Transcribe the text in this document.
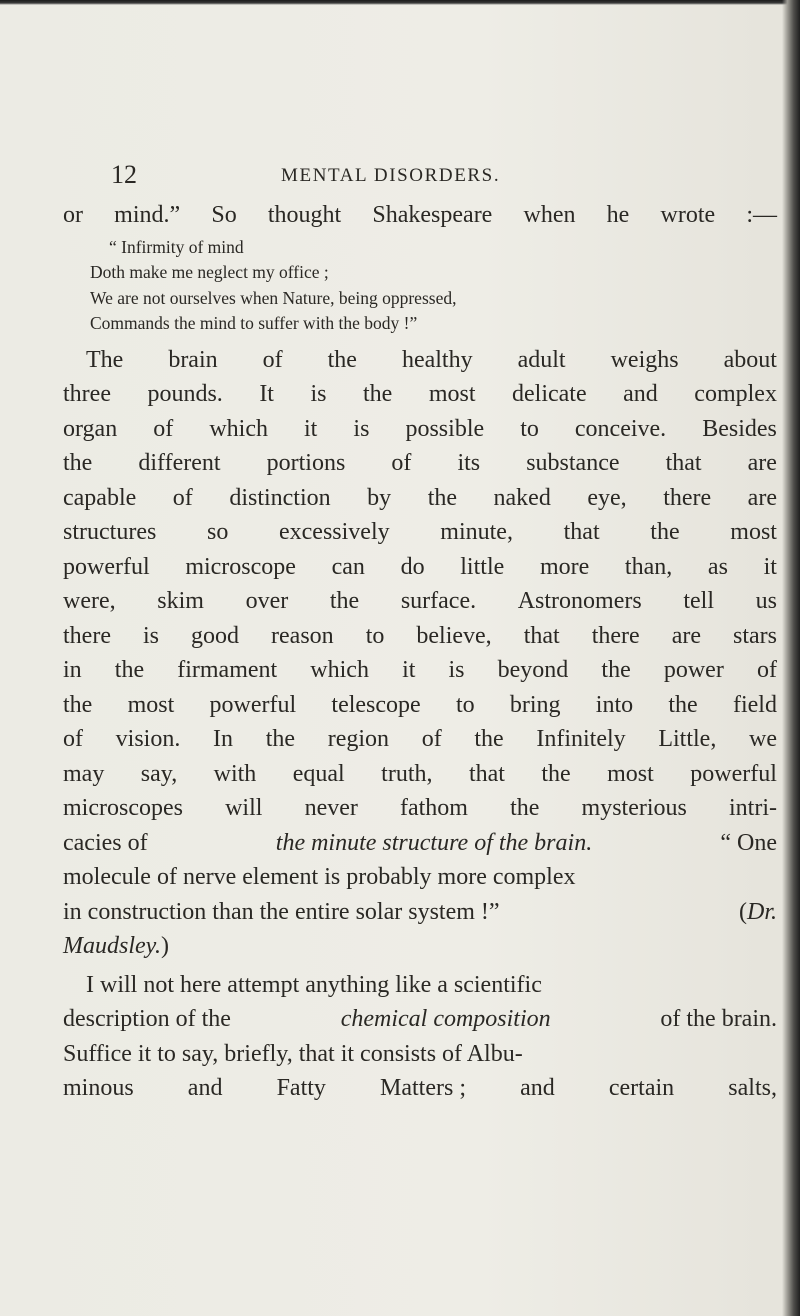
12	MENTAL DISORDERS.
or mind.” So thought Shakespeare when he wrote :—
“ Infirmity of mind
Doth make me neglect my office ;
We are not ourselves when Nature, being oppressed,
Commands the mind to suffer with the body !”
The brain of the healthy adult weighs about
three pounds. It is the most delicate and complex
organ of which it is possible to conceive. Besides
the different portions of its substance that are
capable of distinction by the naked eye, there are
structures so excessively minute, that the most
powerful microscope can do little more than, as it
were, skim over the surface. Astronomers tell us
there is good reason to believe, that there are stars
in the firmament which it is beyond the power of
the most powerful telescope to bring into the field
of vision. In the region of the Infinitely Little, we
may say, with equal truth, that the most powerful
microscopes will never fathom the mysterious intri-
cacies of	the minute structure of the brain.	“ One
molecule of nerve element is probably more complex
in construction than the entire solar system !”	(Dr.
Maudsley.)
I will not here attempt anything like a scientific
description of the	chemical composition	of the brain.
Suffice it to say, briefly, that it consists of Albu-
minous and Fatty Matters ; and certain salts,
